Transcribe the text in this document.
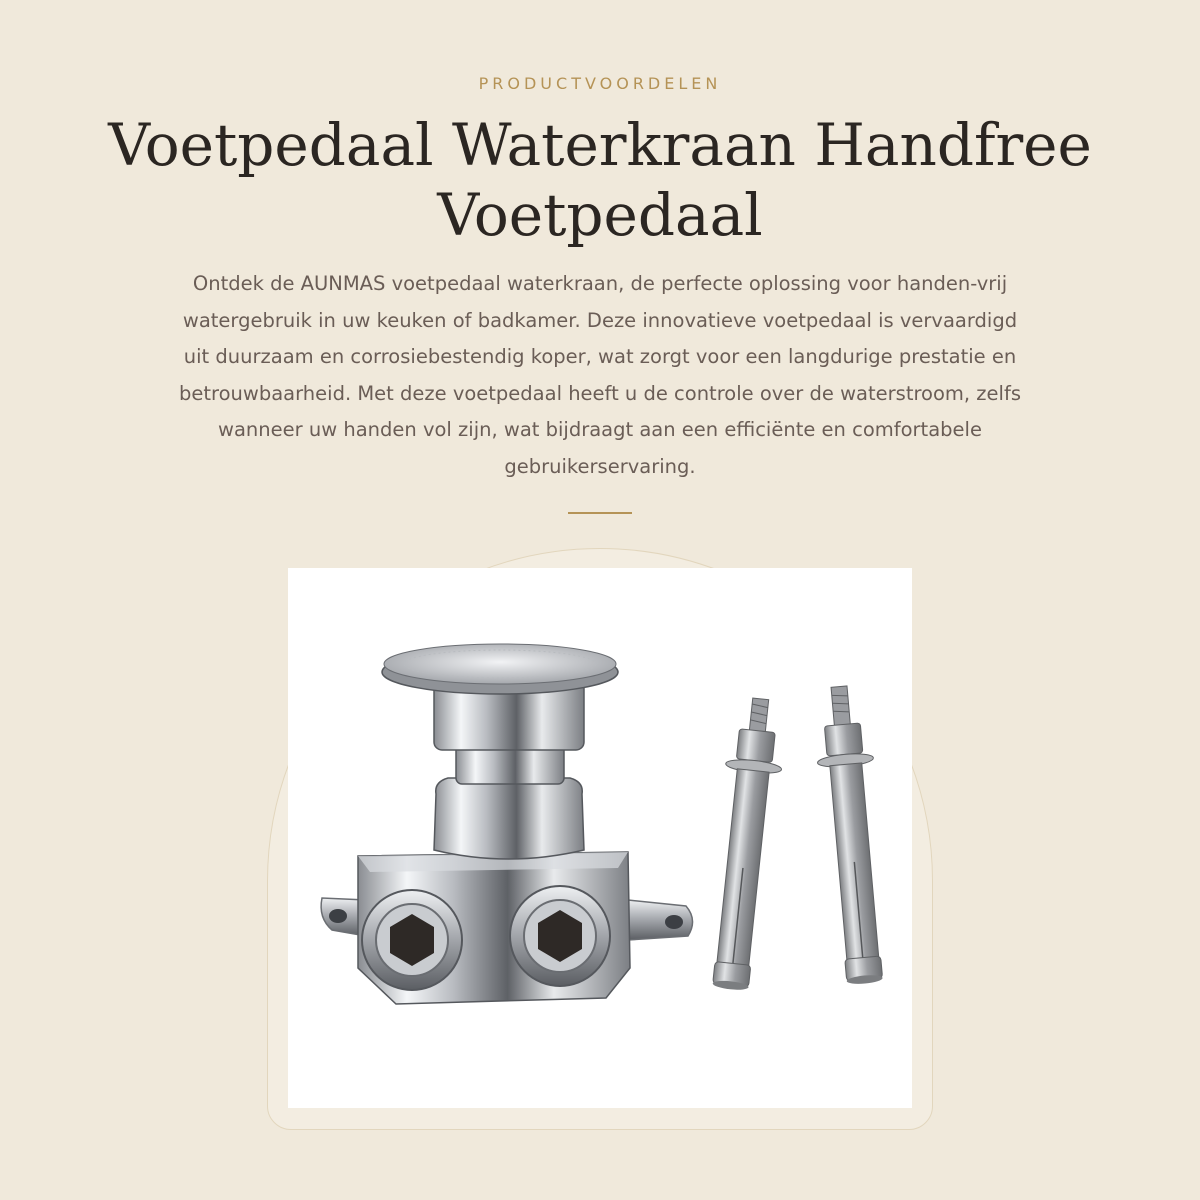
PRODUCTVOORDELEN
Voetpedaal Waterkraan Handfree Voetpedaal

Ontdek de AUNMAS voetpedaal waterkraan, de perfecte oplossing voor handen-vrij watergebruik in uw keuken of badkamer. Deze innovatieve voetpedaal is vervaardigd uit duurzaam en corrosiebestendig koper, wat zorgt voor een langdurige prestatie en betrouwbaarheid. Met deze voetpedaal heeft u de controle over de waterstroom, zelfs wanneer uw handen vol zijn, wat bijdraagt aan een efficiënte en comfortabele gebruikerservaring.
